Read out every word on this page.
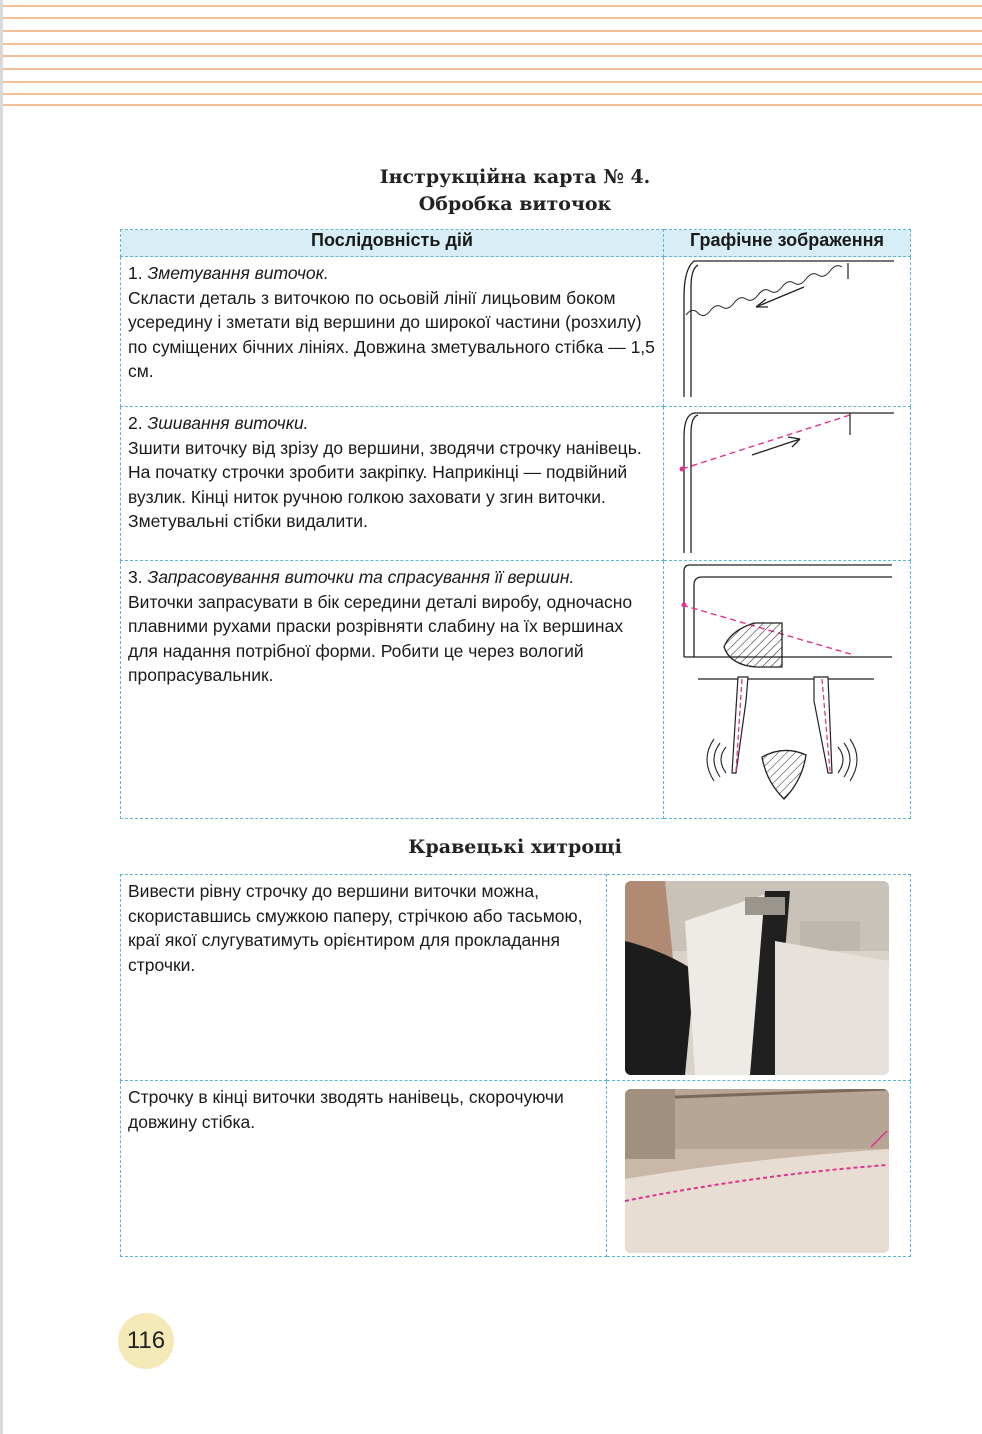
Інструкційна карта № 4.
Обробка виточок
Послідовність дій	Графічне зображення

1. Зметування виточок.

Скласти деталь з виточкою по осьовій лінії лицьовим боком усередину і зметати від вершини до широкої частини (розхилу) по суміщених бічних лініях. Довжина зметувального стібка — 1,5 см.

2. Зшивання виточки.

Зшити виточку від зрізу до вершини, зводячи строчку нанівець. На початку строчки зробити закріпку. Наприкінці — подвійний вузлик. Кінці ниток ручною голкою заховати у згин виточки. Зметувальні стібки видалити.

3. Запрасовування виточки та спрасування її вершин.

Виточки запрасувати в бік середини деталі виробу, одночасно плавними рухами праски розрівняти слабину на їх вершинах для надання потрібної форми. Робити це через вологий пропрасувальник.

Кравецькі хитрощі

Вивести рівну строчку до вершини виточки можна, скориставшись смужкою паперу, стрічкою або тасьмою, краї якої слугуватимуть орієнтиром для прокладання строчки.	

Строчку в кінці виточки зводять нанівець, скорочуючи довжину стібка.	

116
